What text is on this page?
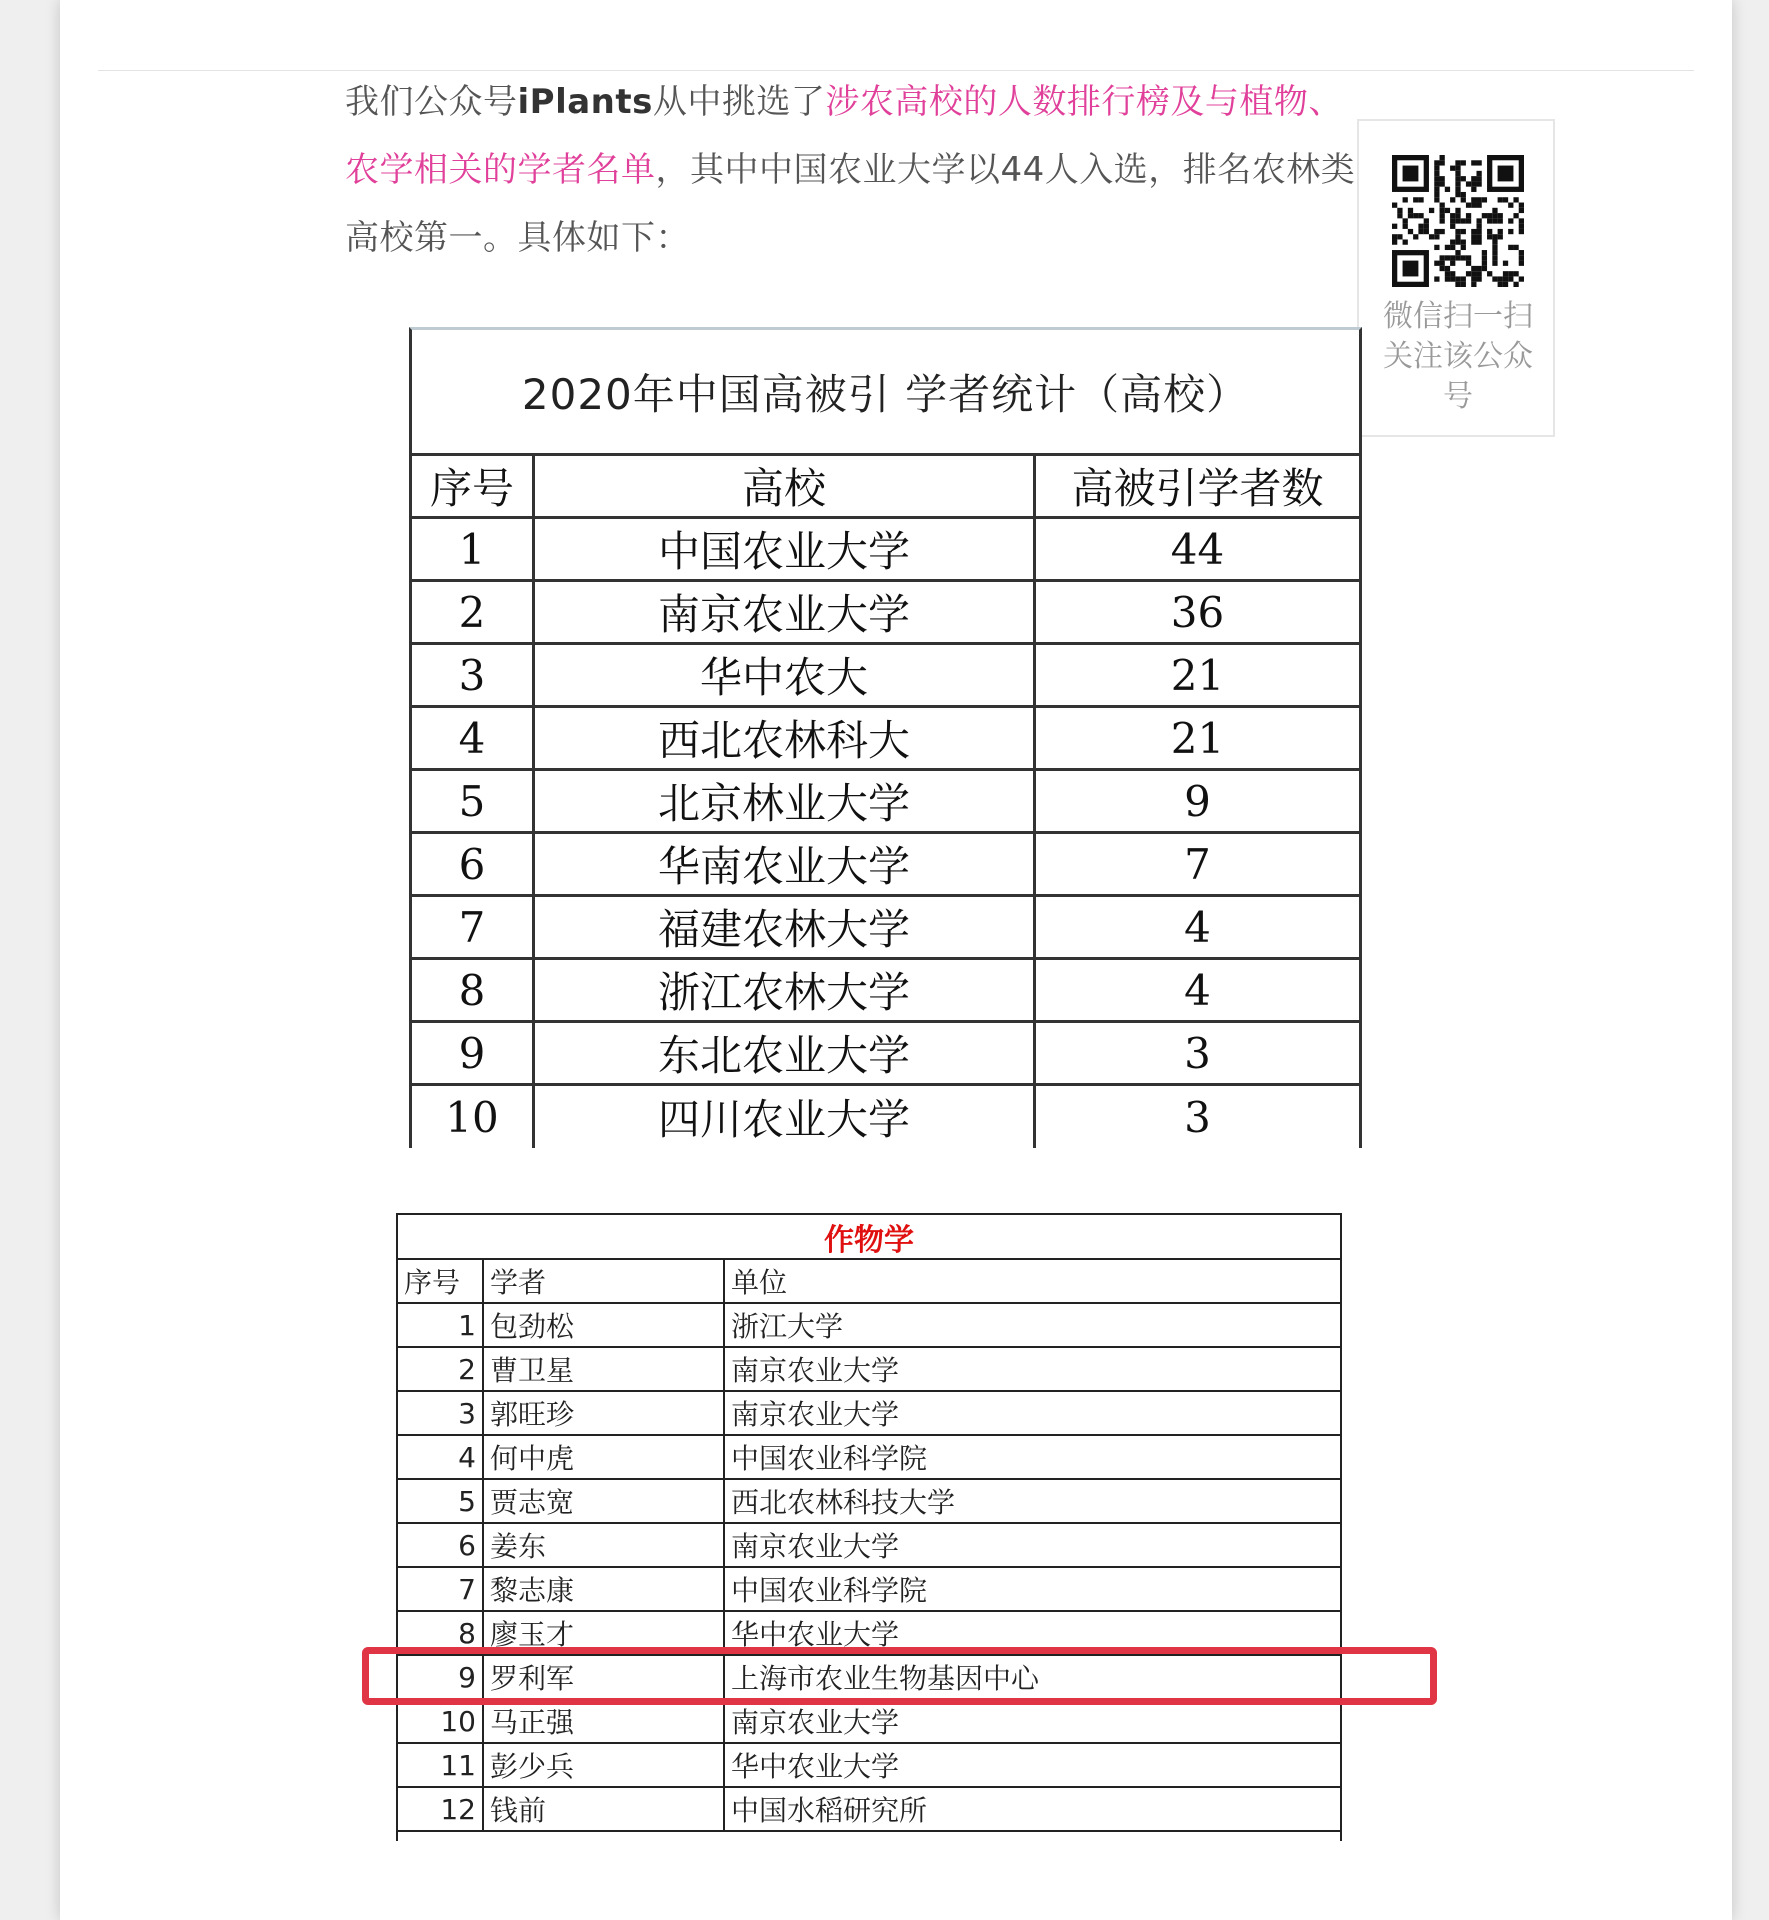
我们公众号iPlants从中挑选了涉农高校的人数排行榜及与植物、农学相关的学者名单，其中中国农业大学以44人入选，排名农林类高校第一。具体如下：
微信扫一扫关注该公众号
2020年中国高被引 学者统计（高校）
序号	高校	高被引学者数
1	中国农业大学	44
2	南京农业大学	36
3	华中农大	21
4	西北农林科大	21
5	北京林业大学	9
6	华南农业大学	7
7	福建农林大学	4
8	浙江农林大学	4
9	东北农业大学	3
10	四川农业大学	3
作物学
序号	学者	单位
1 包劲松	浙江大学
2 曹卫星	南京农业大学
3 郭旺珍	南京农业大学
4 何中虎	中国农业科学院
5 贾志宽	西北农林科技大学
6 姜东	南京农业大学
7 黎志康	中国农业科学院
8 廖玉才	华中农业大学
9 罗利军	上海市农业生物基因中心
10 马正强	南京农业大学
11 彭少兵	华中农业大学
12 钱前	中国水稻研究所
